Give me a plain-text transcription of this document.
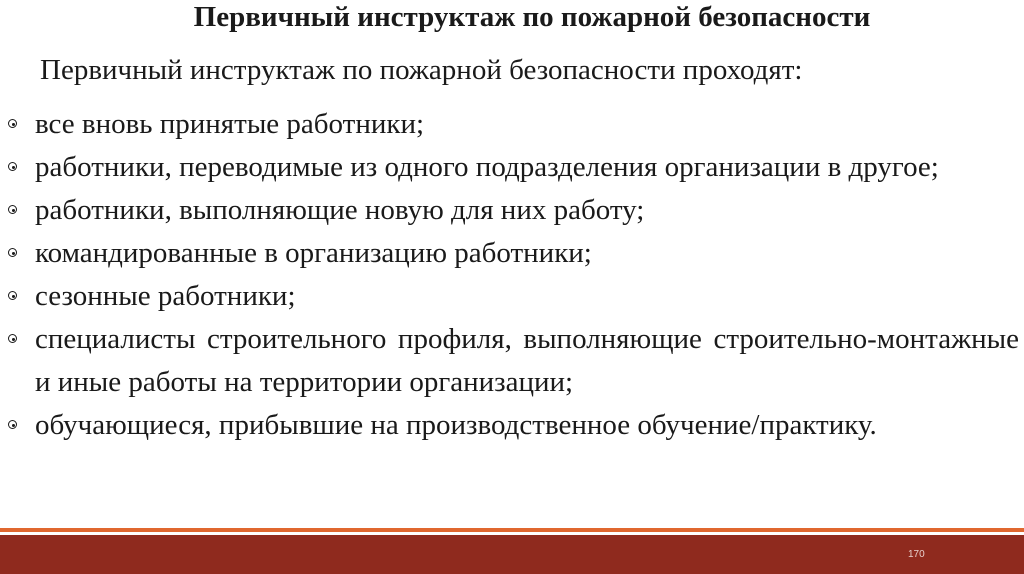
Первичный инструктаж по пожарной безопасности

Первичный инструктаж по пожарной безопасности проходят:

все вновь принятые работники;
работники, переводимые из одного подразделения организации в другое;
работники, выполняющие новую для них работу;
командированные в организацию работники;
сезонные работники;
специалисты строительного профиля, выполняющие строительно-монтажные и иные работы на территории организации;
обучающиеся, прибывшие на производственное обучение/практику.
170
